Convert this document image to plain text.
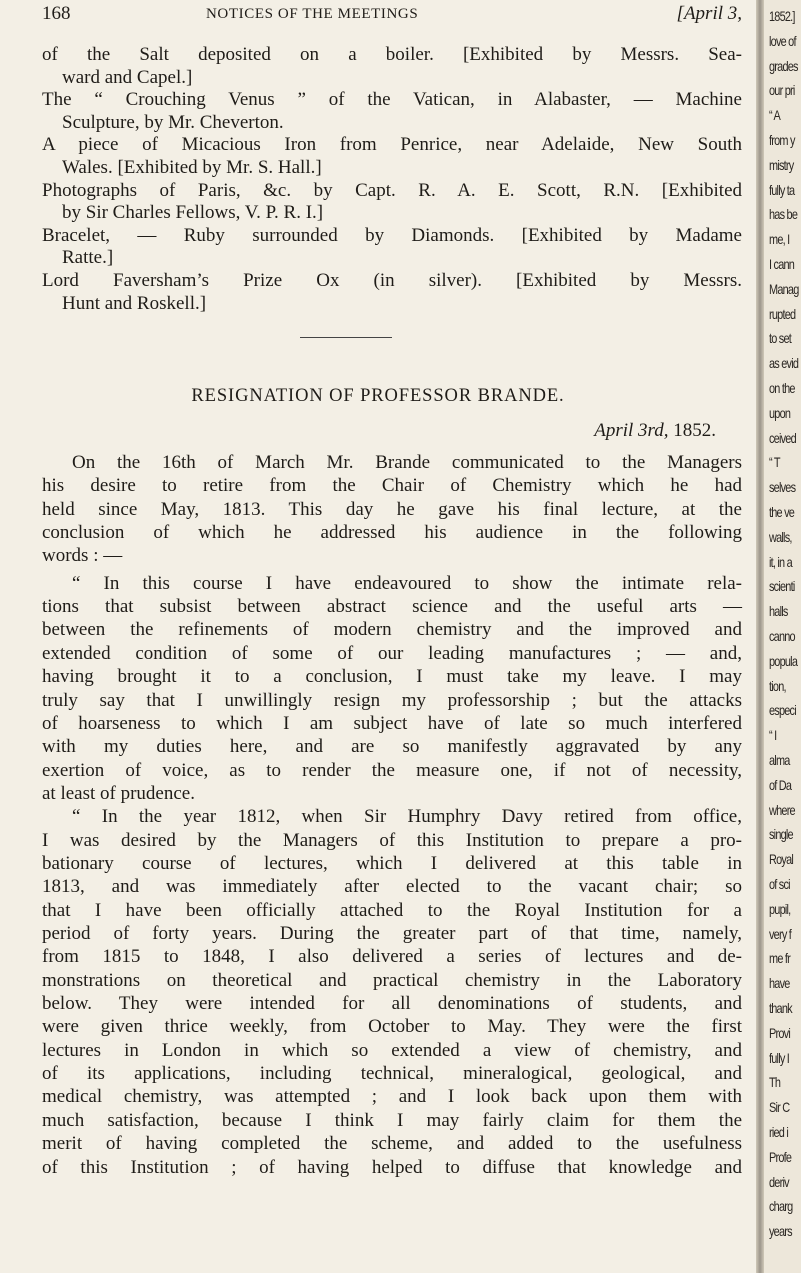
168	NOTICES OF THE MEETINGS	[April 3,
of the Salt deposited on a boiler. [Exhibited by Messrs. Sea-
ward and Capel.]
The “ Crouching Venus ” of the Vatican, in Alabaster, — Machine
Sculpture, by Mr. Cheverton.
A piece of Micacious Iron from Penrice, near Adelaide, New South
Wales. [Exhibited by Mr. S. Hall.]
Photographs of Paris, &c. by Capt. R. A. E. Scott, R.N. [Exhibited
by Sir Charles Fellows, V. P. R. I.]
Bracelet, — Ruby surrounded by Diamonds. [Exhibited by Madame
Ratte.]
Lord Faversham’s Prize Ox (in silver). [Exhibited by Messrs.
Hunt and Roskell.]
RESIGNATION OF PROFESSOR BRANDE.
April 3rd, 1852.
On the 16th of March Mr. Brande communicated to the Managers
his desire to retire from the Chair of Chemistry which he had
held since May, 1813. This day he gave his final lecture, at the
conclusion of which he addressed his audience in the following
words : —
“ In this course I have endeavoured to show the intimate rela-
tions that subsist between abstract science and the useful arts —
between the refinements of modern chemistry and the improved and
extended condition of some of our leading manufactures ; — and,
having brought it to a conclusion, I must take my leave. I may
truly say that I unwillingly resign my professorship ; but the attacks
of hoarseness to which I am subject have of late so much interfered
with my duties here, and are so manifestly aggravated by any
exertion of voice, as to render the measure one, if not of necessity,
at least of prudence.
“ In the year 1812, when Sir Humphry Davy retired from office,
I was desired by the Managers of this Institution to prepare a pro-
bationary course of lectures, which I delivered at this table in
1813, and was immediately after elected to the vacant chair; so
that I have been officially attached to the Royal Institution for a
period of forty years. During the greater part of that time, namely,
from 1815 to 1848, I also delivered a series of lectures and de-
monstrations on theoretical and practical chemistry in the Laboratory
below. They were intended for all denominations of students, and
were given thrice weekly, from October to May. They were the first
lectures in London in which so extended a view of chemistry, and
of its applications, including technical, mineralogical, geological, and
medical chemistry, was attempted ; and I look back upon them with
much satisfaction, because I think I may fairly claim for them the
merit of having completed the scheme, and added to the usefulness
of this Institution ; of having helped to diffuse that knowledge and
1852.]
love of
grades
our pri
“ A
from y
mistry
fully ta
has be
me, I
I cann
Manag
rupted
to set
as evid
on the
upon
ceived
“ T
selves
the ve
walls,
it, in a
scienti
halls
canno
popula
tion,
especi
“ I
alma
of Da
where
single
Royal
of sci
pupil,
very f
me fr
have
thank
Provi
fully I
Th
Sir C
ried i
Profe
deriv
charg
years
